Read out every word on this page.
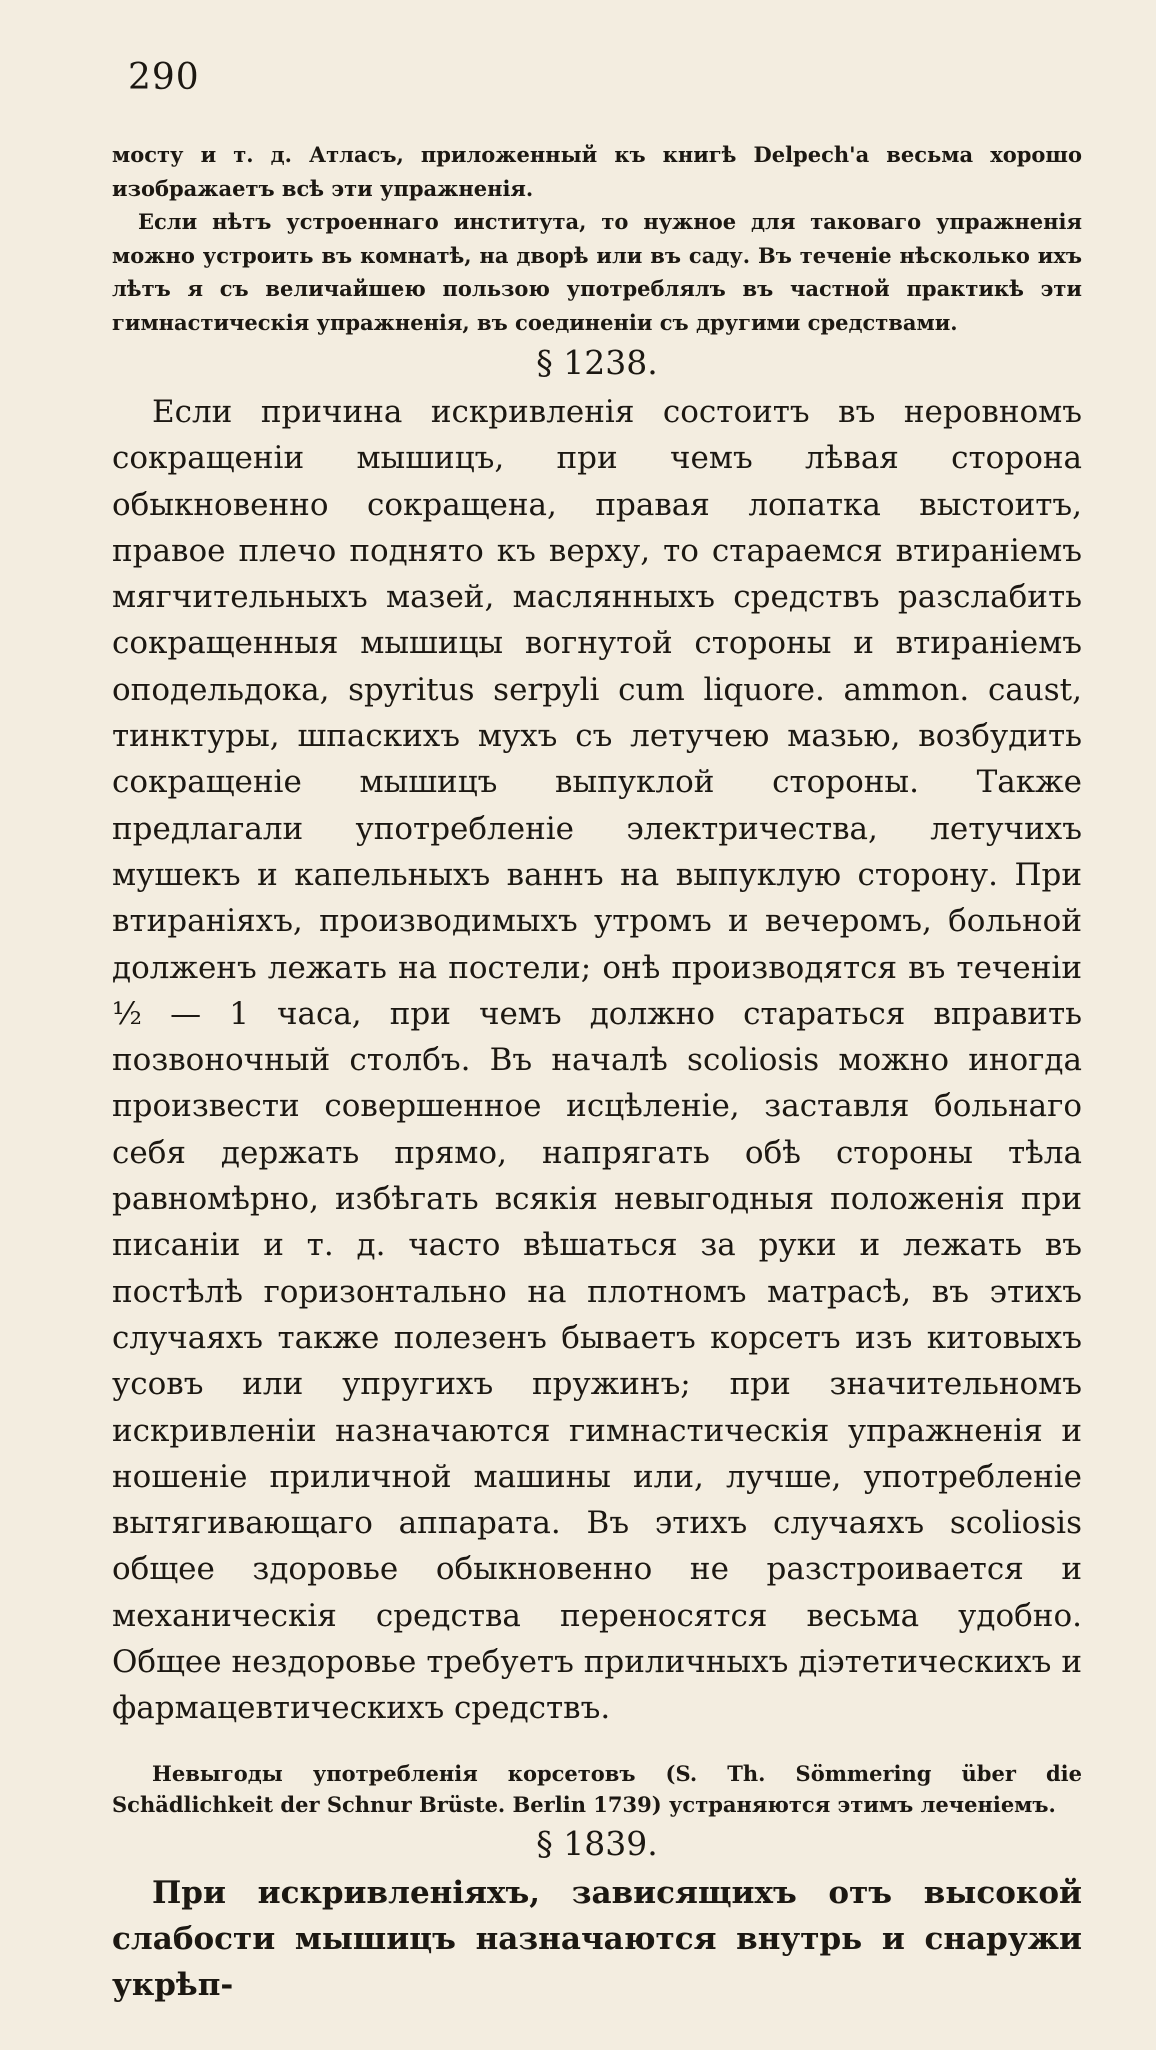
290

мосту и т. д. Атласъ, приложенный къ книгѣ Delpech'а весьма хорошо изображаетъ всѣ эти упражненія.

Если нѣтъ устроеннаго института, то нужное для таковаго упражненія можно устроить въ комнатѣ, на дворѣ или въ саду. Въ теченіе нѣсколько ихъ лѣтъ я съ величайшею пользою употреблялъ въ частной практикѣ эти гимнастическія упражненія, въ соединеніи съ другими средствами.

§ 1238.

Если причина искривленія состоитъ въ неровномъ сокращеніи мышицъ, при чемъ лѣвая сторона обыкновенно сокращена, правая лопатка выстоитъ, правое плечо поднято къ верху, то стараемся втираніемъ мягчительныхъ мазей, маслянныхъ средствъ разслабить сокращенныя мышицы вогнутой стороны и втираніемъ оподельдока, spyritus serpyli cum liquore. ammon. caust, тинктуры, шпаскихъ мухъ съ летучею мазью, возбудить сокращеніе мышицъ выпуклой стороны. Также предлагали употребленіе электричества, летучихъ мушекъ и капельныхъ ваннъ на выпуклую сторону. При втираніяхъ, производимыхъ утромъ и вечеромъ, больной долженъ лежать на постели; онѣ производятся въ теченіи ½ — 1 часа, при чемъ должно стараться вправить позвоночный столбъ. Въ началѣ scoliosis можно иногда произвести совершенное исцѣленіе, заставля больнаго себя держать прямо, напрягать обѣ стороны тѣла равномѣрно, избѣгать всякія невыгодныя положенія при писаніи и т. д. часто вѣшаться за руки и лежать въ постѣлѣ горизонтально на плотномъ матрасѣ, въ этихъ случаяхъ также полезенъ бываетъ корсетъ изъ китовыхъ усовъ или упругихъ пружинъ; при значительномъ искривленіи назначаются гимнастическія упражненія и ношеніе приличной машины или, лучше, употребленіе вытягивающаго аппарата. Въ этихъ случаяхъ scoliosis общее здоровье обыкновенно не разстроивается и механическія средства переносятся весьма удобно. Общее нездоровье требуетъ приличныхъ діэтетическихъ и фармацевтическихъ средствъ.

Невыгоды употребленія корсетовъ (S. Th. Sömmering über die Schädlichkeit der Schnur Brüste. Berlin 1739) устраняются этимъ леченіемъ.

§ 1839.

При искривленіяхъ, зависящихъ отъ высокой слабости мышицъ назначаются внутрь и снаружи укрѣп-
